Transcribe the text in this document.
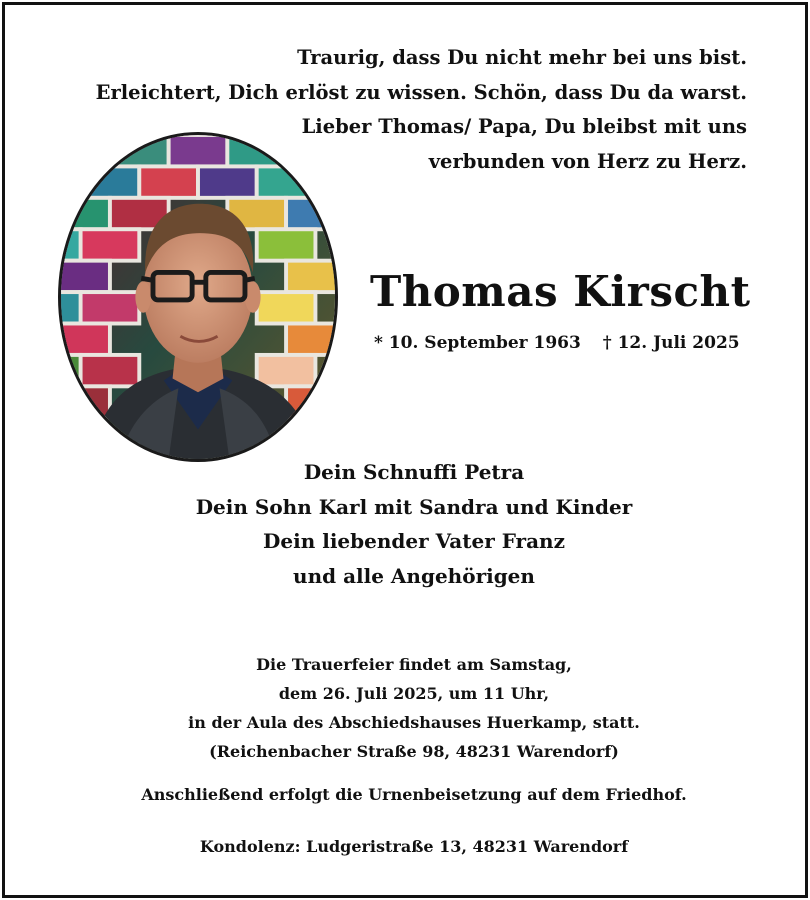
Traurig, dass Du nicht mehr bei uns bist.
Erleichtert, Dich erlöst zu wissen. Schön, dass Du da warst.
Lieber Thomas/ Papa, Du bleibst mit uns
verbunden von Herz zu Herz.
Thomas Kirscht
* 10. September 1963 † 12. Juli 2025
Dein Schnuffi Petra
Dein Sohn Karl mit Sandra und Kinder
Dein liebender Vater Franz
und alle Angehörigen
Die Trauerfeier findet am Samstag,
dem 26. Juli 2025, um 11 Uhr,
in der Aula des Abschiedshauses Huerkamp, statt.
(Reichenbacher Straße 98, 48231 Warendorf)
Anschließend erfolgt die Urnenbeisetzung auf dem Friedhof.
Kondolenz: Ludgeristraße 13, 48231 Warendorf
